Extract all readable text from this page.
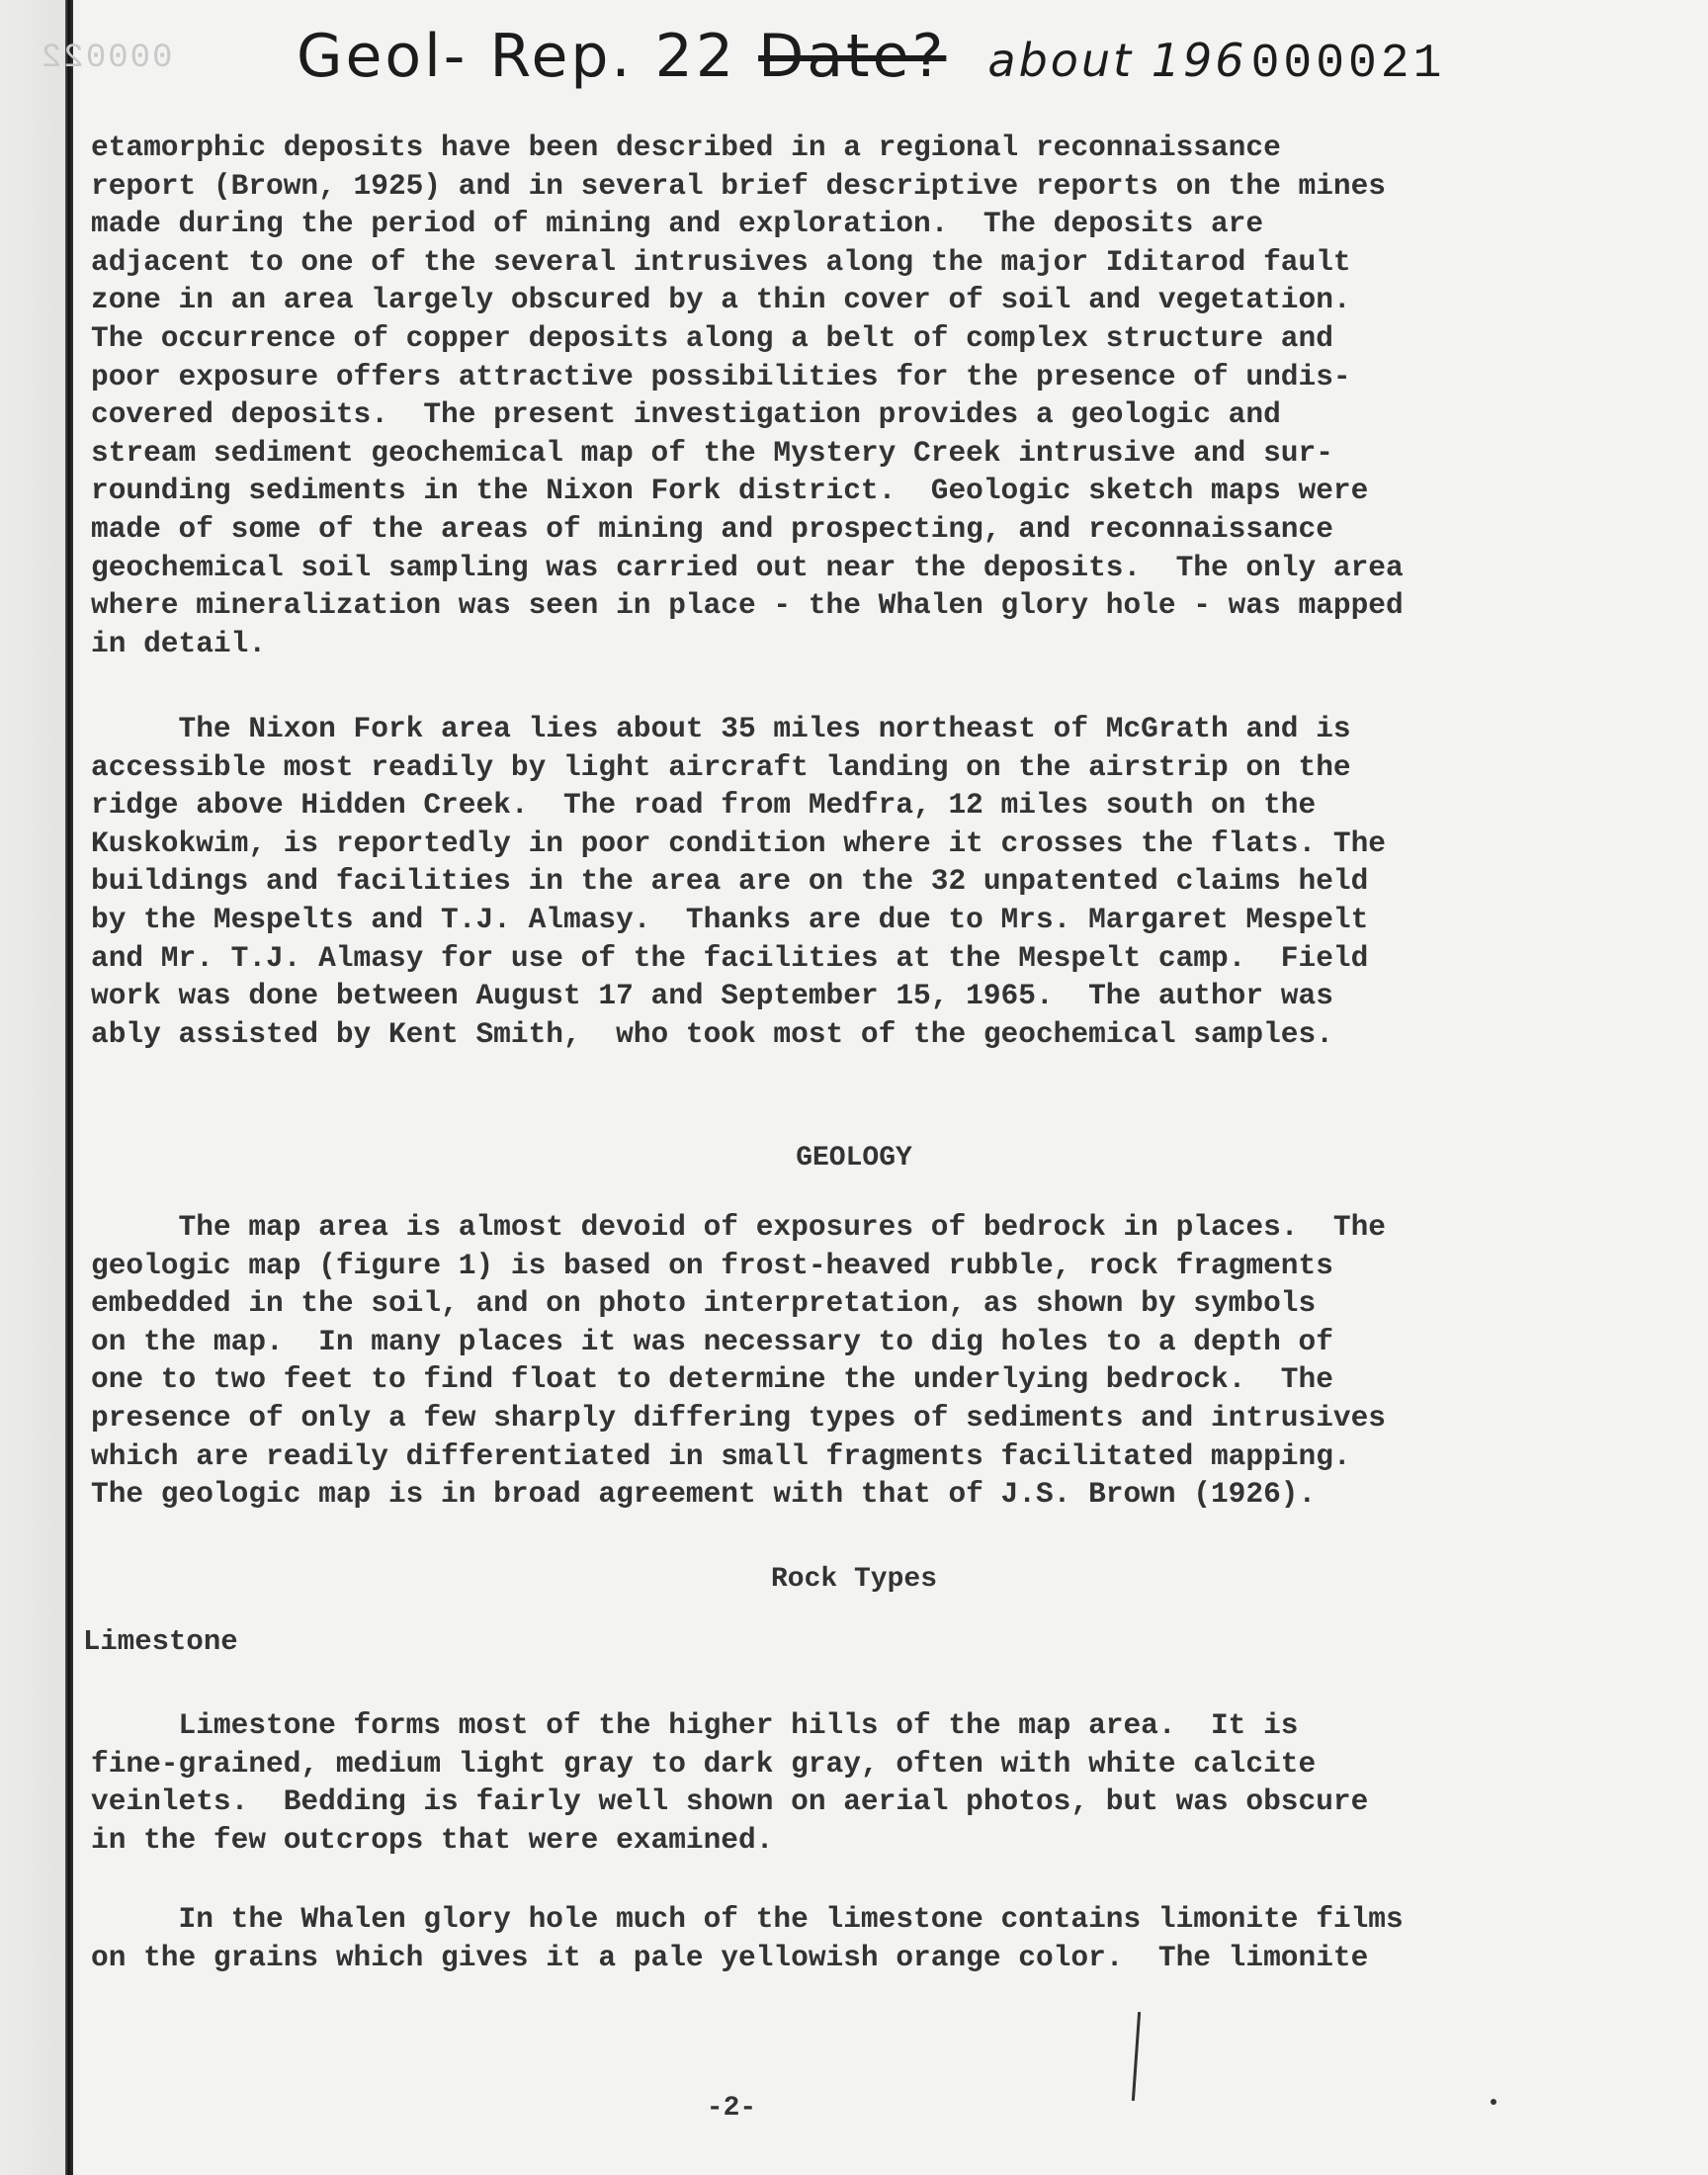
000022 Geol- Rep. 22 Date? about 196000021
etamorphic deposits have been described in a regional reconnaissance
report (Brown, 1925) and in several brief descriptive reports on the mines
made during the period of mining and exploration.  The deposits are
adjacent to one of the several intrusives along the major Iditarod fault
zone in an area largely obscured by a thin cover of soil and vegetation.
The occurrence of copper deposits along a belt of complex structure and
poor exposure offers attractive possibilities for the presence of undis-
covered deposits.  The present investigation provides a geologic and
stream sediment geochemical map of the Mystery Creek intrusive and sur-
rounding sediments in the Nixon Fork district.  Geologic sketch maps were
made of some of the areas of mining and prospecting, and reconnaissance
geochemical soil sampling was carried out near the deposits.  The only area
where mineralization was seen in place - the Whalen glory hole - was mapped
in detail.
The Nixon Fork area lies about 35 miles northeast of McGrath and is
accessible most readily by light aircraft landing on the airstrip on the
ridge above Hidden Creek.  The road from Medfra, 12 miles south on the
Kuskokwim, is reportedly in poor condition where it crosses the flats. The
buildings and facilities in the area are on the 32 unpatented claims held
by the Mespelts and T.J. Almasy.  Thanks are due to Mrs. Margaret Mespelt
and Mr. T.J. Almasy for use of the facilities at the Mespelt camp.  Field
work was done between August 17 and September 15, 1965.  The author was
ably assisted by Kent Smith,  who took most of the geochemical samples.
GEOLOGY
The map area is almost devoid of exposures of bedrock in places.  The
geologic map (figure 1) is based on frost-heaved rubble, rock fragments
embedded in the soil, and on photo interpretation, as shown by symbols
on the map.  In many places it was necessary to dig holes to a depth of
one to two feet to find float to determine the underlying bedrock.  The
presence of only a few sharply differing types of sediments and intrusives
which are readily differentiated in small fragments facilitated mapping.
The geologic map is in broad agreement with that of J.S. Brown (1926).
Rock Types
Limestone
Limestone forms most of the higher hills of the map area.  It is
fine-grained, medium light gray to dark gray, often with white calcite
veinlets.  Bedding is fairly well shown on aerial photos, but was obscure
in the few outcrops that were examined.
In the Whalen glory hole much of the limestone contains limonite films
on the grains which gives it a pale yellowish orange color.  The limonite
-2-
